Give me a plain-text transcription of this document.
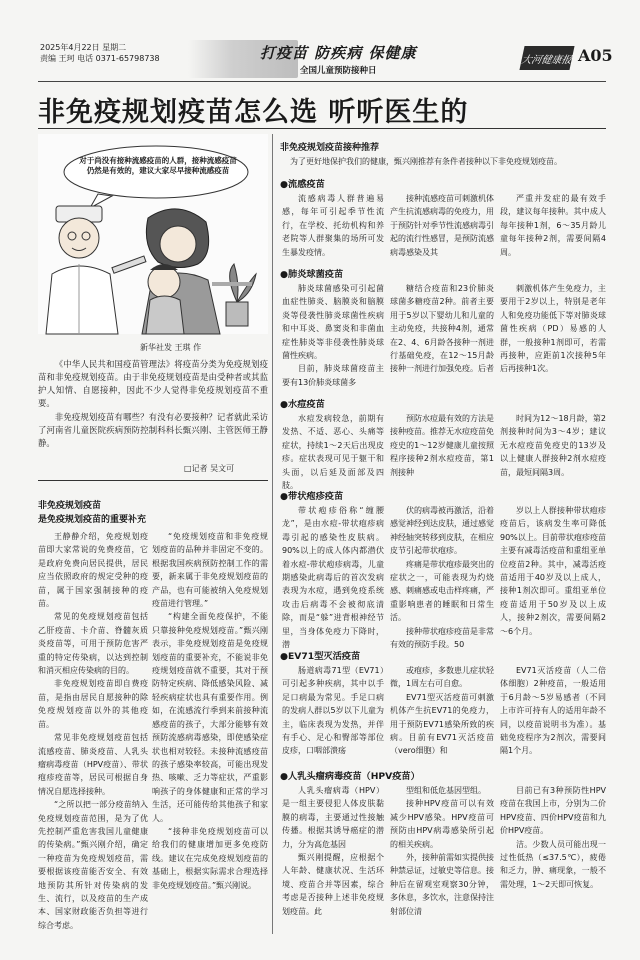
2025年4月22日 星期二
责编 王珂 电话 0371-65798738	打疫苗 防疾病 保健康
全国儿童预防接种日
大河健康报 A05
非免疫规划疫苗怎么选 听听医生的
对于尚没有接种流感疫苗的人群，接种流感疫苗仍然是有效的，建议大家尽早接种流感疫苗
新华社发 王琪 作

《中华人民共和国疫苗管理法》将疫苗分类为免疫规划疫苗和非免疫规划疫苗。由于非免疫规划疫苗是由受种者或其监护人知情、自愿接种，因此不少人觉得非免疫规划疫苗不重要。

非免疫规划疫苗有哪些？有没有必要接种？记者就此采访了河南省儿童医院疾病预防控制科科长甄兴刚、主管医师王静静。

□记者 吴文可
非免疫规划疫苗
是免疫规划疫苗的重要补充

王静静介绍，免疫规划疫苗即大家常说的免费疫苗，它是政府免费向居民提供，居民应当依照政府的规定受种的疫苗，属于国家强制接种的疫苗。

常见的免疫规划疫苗包括乙肝疫苗、卡介苗、脊髓灰质炎疫苗等，可用于预防危害严重的特定传染病，以达到控制和消灭相应传染病的目的。

非免疫规划疫苗即自费疫苗，是指由居民自愿接种的除免疫规划疫苗以外的其他疫苗。

常见非免疫规划疫苗包括流感疫苗、肺炎疫苗、人乳头瘤病毒疫苗（HPV疫苗）、带状疱疹疫苗等，居民可根据自身情况自愿选择接种。

“之所以把一部分疫苗纳入免疫规划疫苗范围，是为了优先控制严重危害我国儿童健康的传染病。”甄兴刚介绍，确定一种疫苗为免疫规划疫苗，需要根据该疫苗能否安全、有效地预防其所针对传染病的发生、流行，以及疫苗的生产成本、国家财政能否负担等进行综合考虑。

“免疫规划疫苗和非免疫规划疫苗的品种并非固定不变的。根据我国疾病预防控制工作的需要，新来属于非免疫规划疫苗的产品，也有可能被纳入免疫规划疫苗进行管理。”

“构建全面免疫保护，不能只靠接种免疫规划疫苗。”甄兴刚表示，非免疫规划疫苗是免疫规划疫苗的重要补充，不能说非免疫规划疫苗就不重要，其对于预防特定疾病、降低感染风险、减轻疾病症状也具有重要作用。例如，在流感流行季到来前接种流感疫苗的孩子，大部分能够有效预防流感病毒感染，即使感染症状也相对较轻。未接种流感疫苗的孩子感染率较高，可能出现发热、咳嗽、乏力等症状，严重影响孩子的身体健康和正常的学习生活，还可能传给其他孩子和家人。

“接种非免疫规划疫苗可以给我们的健康增加更多免疫防线。建议在完成免疫规划疫苗的基础上，根据实际需求合理选择非免疫规划疫苗。”甄兴刚说。

非免疫规划疫苗接种推荐
为了更好地保护我们的健康，甄兴刚推荐有条件者接种以下非免疫规划疫苗。
●流感疫苗

流感病毒人群普遍易感，每年可引起季节性流行，在学校、托幼机构和养老院等人群聚集的场所可发生暴发疫情。

接种流感疫苗可刺激机体产生抗流感病毒的免疫力，用于预防针对季节性流感病毒引起的流行性感冒，是预防流感病毒感染及其

严重并发症的最有效手段，建议每年接种。其中成人每年接种1剂，6～35月龄儿童每年接种2剂，需要间隔4周。

●肺炎球菌疫苗

肺炎球菌感染可引起菌血症性肺炎、脑膜炎和脑膜炎等侵袭性肺炎球菌性疾病和中耳炎、鼻窦炎和非菌血症性肺炎等非侵袭性肺炎球菌性疾病。

目前，肺炎球菌疫苗主要有13价肺炎球菌多

糖结合疫苗和23价肺炎球菌多糖疫苗2种。前者主要用于5岁以下婴幼儿和儿童的主动免疫，共接种4剂，通常在2、4、6月龄各接种一剂进行基础免疫，在12～15月龄接种一剂进行加强免疫。后者

刺激机体产生免疫力，主要用于2岁以上，特别是老年人和免疫功能低下等对肺炎球菌性疾病（PD）易感的人群，一般接种1剂即可，若需再接种，应距前1次接种5年后再接种1次。

●水痘疫苗

水痘发病较急，前期有发热、不适、恶心、头痛等症状，持续1～2天后出现皮疹。症状表现可见于躯干和头面，以后延及面部及四肢。

预防水痘最有效的方法是接种疫苗。推荐无水痘疫苗免疫史的1～12岁健康儿童按照程序接种2剂水痘疫苗，第1剂接种

时间为12～18月龄，第2剂接种时间为3～4岁；建议无水痘疫苗免疫史的13岁及以上健康人群接种2剂水痘疫苗，最短间隔3周。

●带状疱疹疫苗

带状疱疹俗称“缠腰龙”，是由水痘-带状疱疹病毒引起的感染性皮肤病。90%以上的成人体内都潜伏着水痘-带状疱疹病毒，儿童期感染此病毒后的首次发病表现为水痘，遇到免疫系统攻击后病毒不会被彻底清除，而是“躲”进背根神经节里，当身体免疫力下降时，潜

伏的病毒被再激活，沿着感觉神经到达皮肤，通过感觉神经轴突转移到皮肤，在相应皮节引起带状疱疹。

疼痛是带状疱疹最突出的症状之一，可能表现为灼烧感、刺痛感或电击样疼痛，严重影响患者的睡眠和日常生活。

接种带状疱疹疫苗是非常有效的预防手段。50

岁以上人群接种带状疱疹疫苗后，该病发生率可降低90%以上。目前带状疱疹疫苗主要有减毒活疫苗和重组亚单位疫苗2种。其中，减毒活疫苗适用于40岁及以上成人，接种1剂次即可。重组亚单位疫苗适用于50岁及以上成人，接种2剂次，需要间隔2～6个月。

●EV71型灭活疫苗

肠道病毒71型（EV71）可引起多种疾病，其中以手足口病最为常见。手足口病的发病人群以5岁以下儿童为主，临床表现为发热，并伴有手心、足心和臀部等部位皮疹，口咽部溃疡

或疱疹，多数患儿症状轻微，1周左右可自愈。

EV71型灭活疫苗可刺激机体产生抗EV71的免疫力，用于预防EV71感染所致的疾病。目前有EV71灭活疫苗（vero细胞）和

EV71灭活疫苗（人二倍体细胞）2种疫苗，一般适用于6月龄～5岁易感者（不同上市许可持有人的适用年龄不同，以疫苗说明书为准）。基础免疫程序为2剂次，需要间隔1个月。

●人乳头瘤病毒疫苗（HPV疫苗）

人乳头瘤病毒（HPV）是一组主要侵犯人体皮肤黏膜的病毒，主要通过性接触传播。根据其诱导癌症的潜力，分为高危基因

甄兴刚提醒，应根据个人年龄、健康状况、生活环境、疫苗合并等因素，综合考虑是否接种上述非免疫规划疫苗。此

型组和低危基因型组。

接种HPV疫苗可以有效减少HPV感染。HPV疫苗可预防由HPV病毒感染所引起的相关疾病。

外，接种前需如实提供接种禁忌证，过敏史等信息。接种后在留观室观察30分钟，多休息，多饮水，注意保持注射部位清

目前已有3种预防性HPV疫苗在我国上市，分别为二价HPV疫苗、四价HPV疫苗和九价HPV疫苗。

洁。少数人员可能出现一过性低热（≤37.5℃），疲倦和乏力，肿、痛现象，一般不需处理，1～2天即可恢复。
